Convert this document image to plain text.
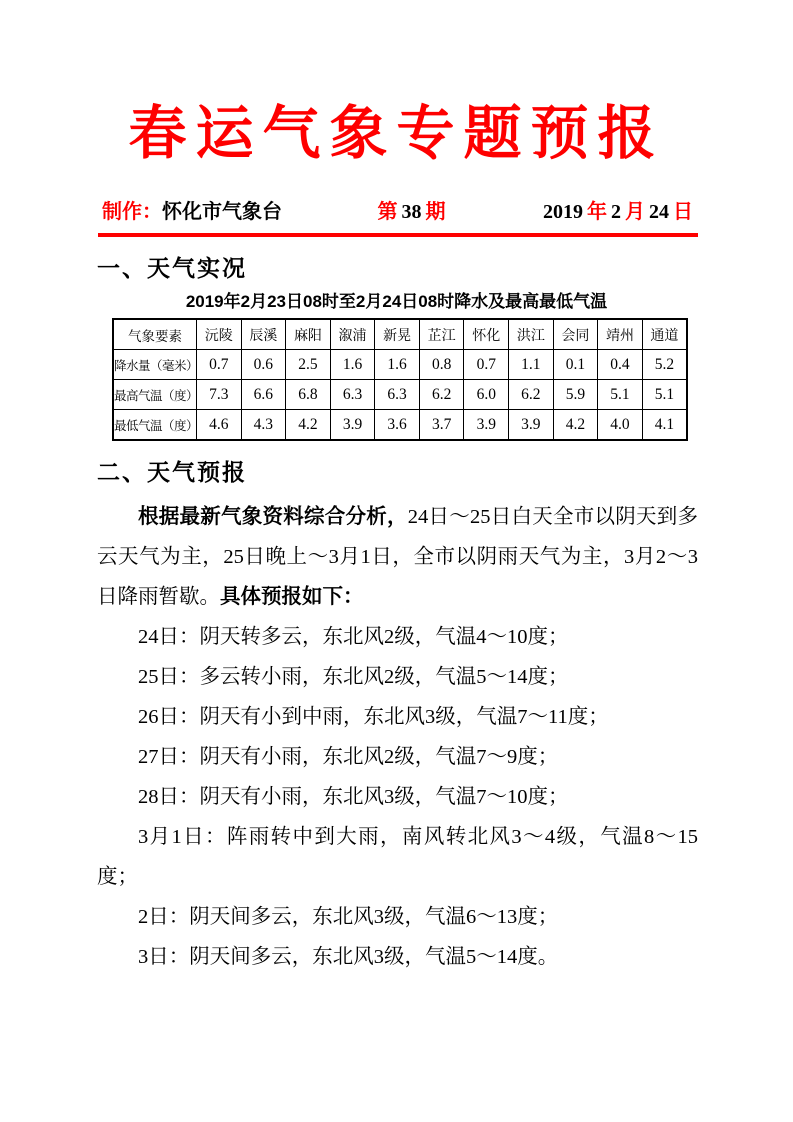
春运气象专题预报
制作：怀化市气象台	第 38 期	2019 年 2 月 24 日
一、天气实况
2019年2月23日08时至2月24日08时降水及最高最低气温
气象要素	沅陵	辰溪	麻阳	溆浦	新晃	芷江	怀化	洪江	会同	靖州	通道
降水量（毫米）	0.7	0.6	2.5	1.6	1.6	0.8	0.7	1.1	0.1	0.4	5.2
最高气温（度）	7.3	6.6	6.8	6.3	6.3	6.2	6.0	6.2	5.9	5.1	5.1
最低气温（度）	4.6	4.3	4.2	3.9	3.6	3.7	3.9	3.9	4.2	4.0	4.1
二、天气预报

根据最新气象资料综合分析，24日～25日白天全市以阴天到多云天气为主，25日晚上～3月1日，全市以阴雨天气为主，3月2～3日降雨暂歇。具体预报如下：

24日：阴天转多云，东北风2级，气温4～10度；

25日：多云转小雨，东北风2级，气温5～14度；

26日：阴天有小到中雨，东北风3级，气温7～11度；

27日：阴天有小雨，东北风2级，气温7～9度；

28日：阴天有小雨，东北风3级，气温7～10度；

3月1日：阵雨转中到大雨，南风转北风3～4级，气温8～15度；

2日：阴天间多云，东北风3级，气温6～13度；

3日：阴天间多云，东北风3级，气温5～14度。
